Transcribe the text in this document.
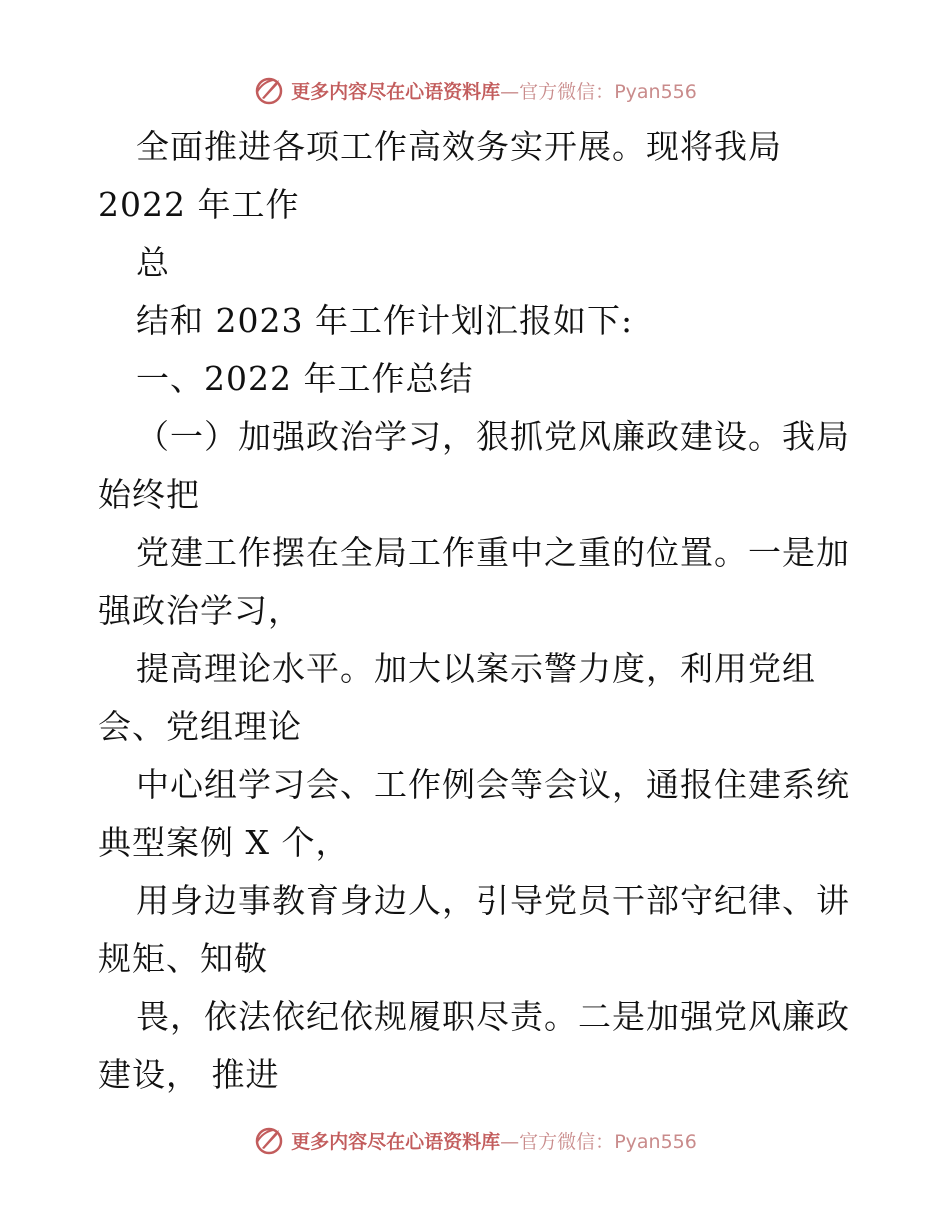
更多内容尽在心语资料库—官方微信：Pyan556
全面推进各项工作高效务实开展。现将我局
2022 年工作
总
结和 2023 年工作计划汇报如下:
一、2022 年工作总结
（一）加强政治学习，狠抓党风廉政建设。我局
始终把
党建工作摆在全局工作重中之重的位置。一是加
强政治学习，
提高理论水平。加大以案示警力度，利用党组
会、党组理论
中心组学习会、工作例会等会议，通报住建系统
典型案例 X 个，
用身边事教育身边人，引导党员干部守纪律、讲
规矩、知敬
畏，依法依纪依规履职尽责。二是加强党风廉政
建设， 推进
更多内容尽在心语资料库—官方微信：Pyan556
